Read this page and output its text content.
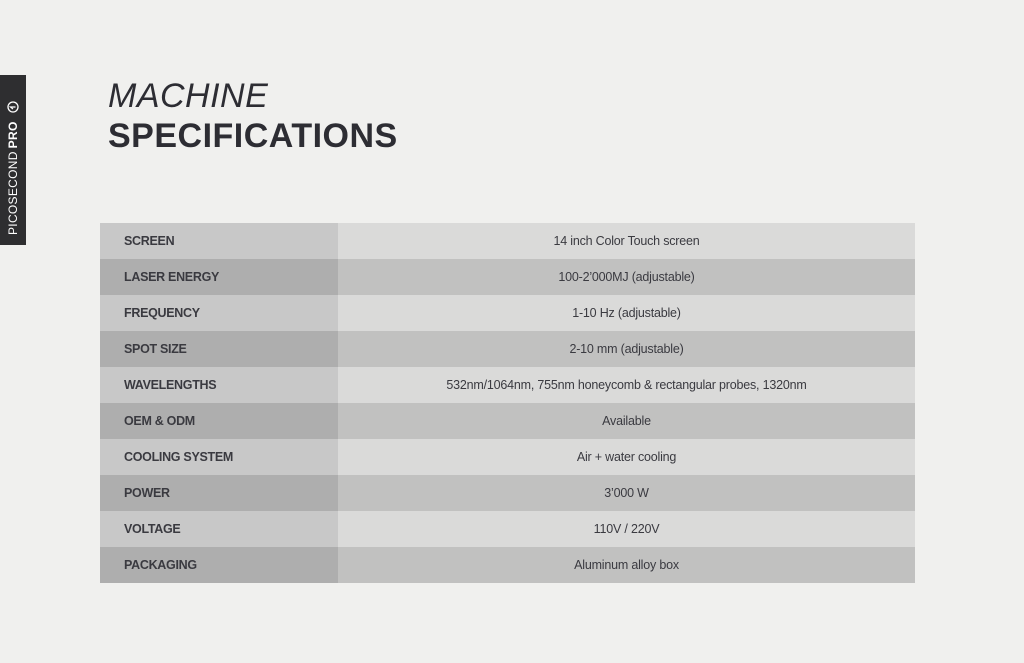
PICOSECOND
PRO
MACHINE
SPECIFICATIONS
SCREEN	14 inch Color Touch screen
LASER ENERGY	100-2’000MJ (adjustable)
FREQUENCY	1-10 Hz (adjustable)
SPOT SIZE	2-10 mm (adjustable)
WAVELENGTHS	532nm/1064nm, 755nm honeycomb & rectangular probes, 1320nm
OEM & ODM	Available
COOLING SYSTEM	Air + water cooling
POWER	3’000 W
VOLTAGE	110V / 220V
PACKAGING	Aluminum alloy box
